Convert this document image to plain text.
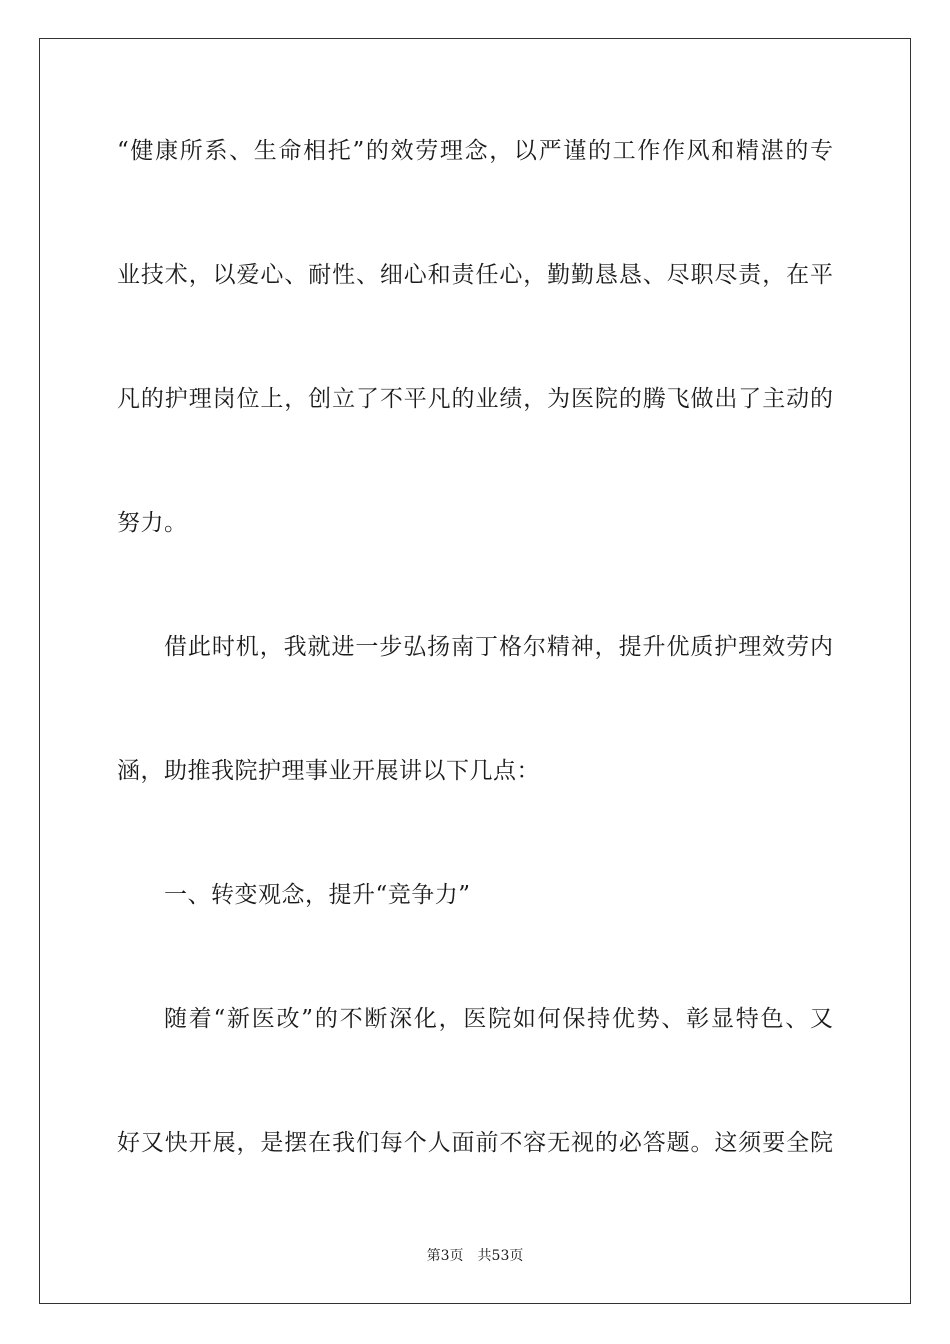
“健康所系、生命相托”的效劳理念，以严谨的工作作风和精湛的专
业技术，以爱心、耐性、细心和责任心，勤勤恳恳、尽职尽责，在平
凡的护理岗位上，创立了不平凡的业绩，为医院的腾飞做出了主动的
努力。
借此时机，我就进一步弘扬南丁格尔精神，提升优质护理效劳内
涵，助推我院护理事业开展讲以下几点：
一、转变观念，提升“竞争力”
随着“新医改”的不断深化，医院如何保持优势、彰显特色、又
好又快开展，是摆在我们每个人面前不容无视的必答题。这须要全院
第3页 共53页
